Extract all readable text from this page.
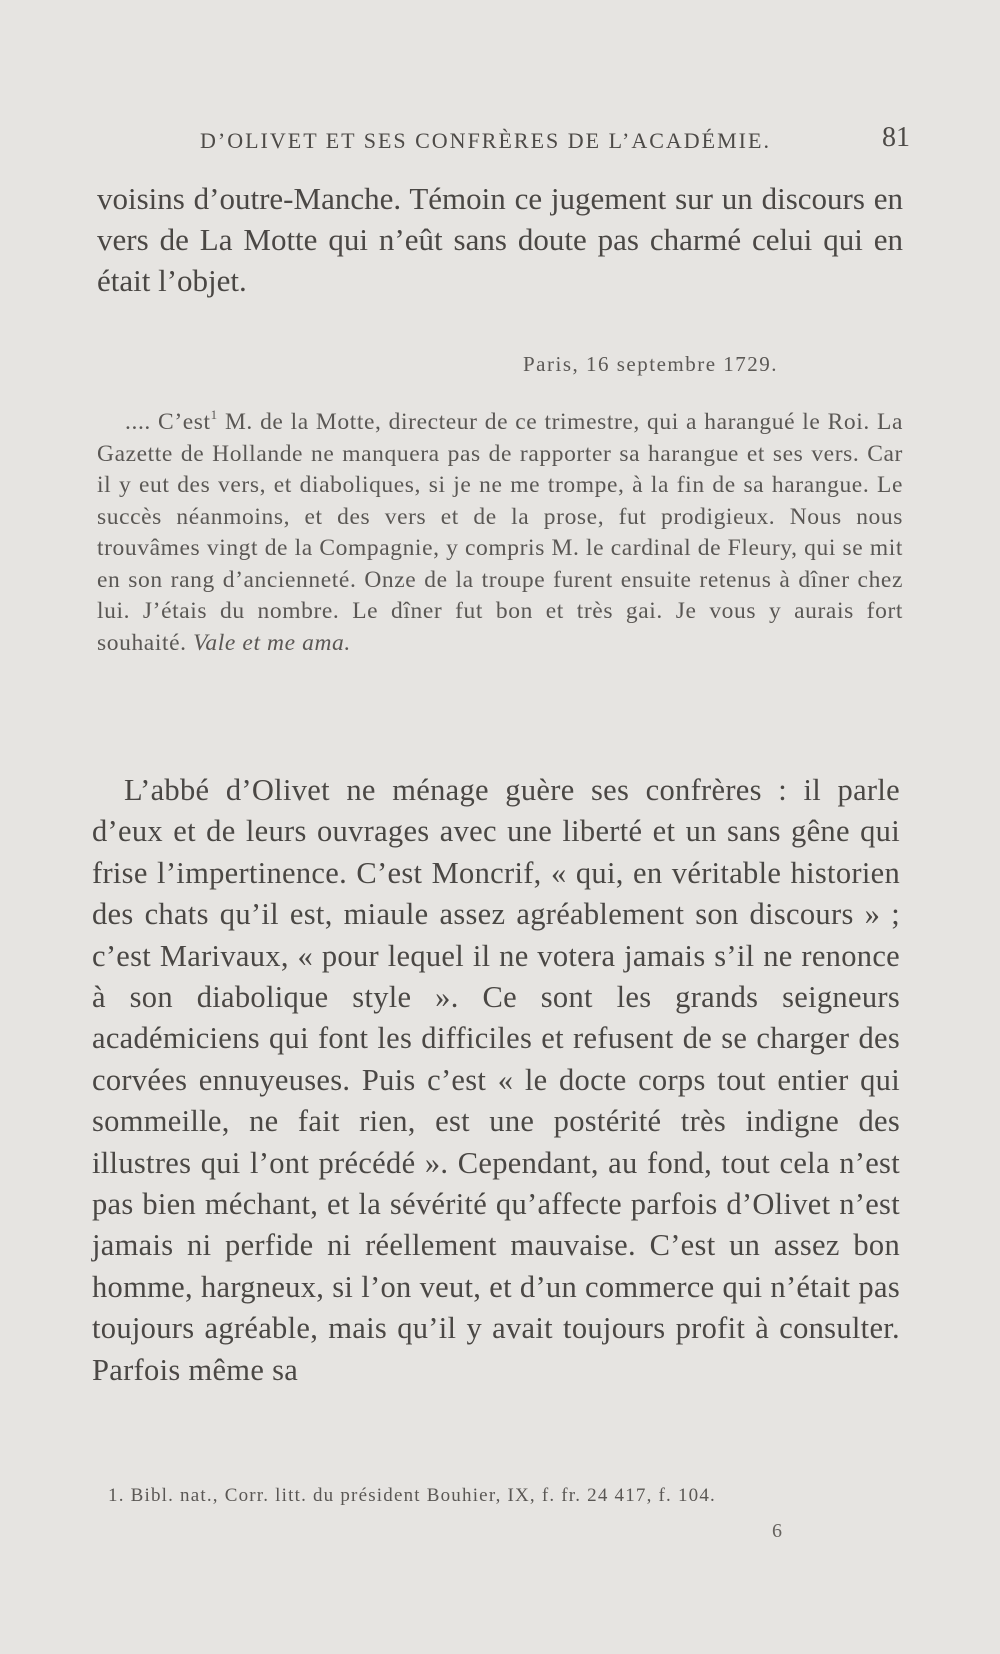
D’OLIVET ET SES CONFRÈRES DE L’ACADÉMIE.	81

voisins d’outre-Manche. Témoin ce jugement sur un discours en vers de La Motte qui n’eût sans doute pas charmé celui qui en était l’objet.

Paris, 16 septembre 1729.

.... C’est$^1$ M. de la Motte, directeur de ce trimestre, qui a harangué le Roi. La Gazette de Hollande ne manquera pas de rapporter sa harangue et ses vers. Car il y eut des vers, et diaboliques, si je ne me trompe, à la fin de sa harangue. Le succès néanmoins, et des vers et de la prose, fut prodigieux. Nous nous trouvâmes vingt de la Compagnie, y compris M. le cardinal de Fleury, qui se mit en son rang d’ancienneté. Onze de la troupe furent ensuite retenus à dîner chez lui. J’étais du nombre. Le dîner fut bon et très gai. Je vous y aurais fort souhaité. Vale et me ama.

L’abbé d’Olivet ne ménage guère ses confrères : il parle d’eux et de leurs ouvrages avec une liberté et un sans gêne qui frise l’impertinence. C’est Moncrif, « qui, en véritable historien des chats qu’il est, miaule assez agréablement son discours » ; c’est Marivaux, « pour lequel il ne votera jamais s’il ne renonce à son diabolique style ». Ce sont les grands seigneurs académiciens qui font les difficiles et refusent de se charger des corvées ennuyeuses. Puis c’est « le docte corps tout entier qui sommeille, ne fait rien, est une postérité très indigne des illustres qui l’ont précédé ». Cependant, au fond, tout cela n’est pas bien méchant, et la sévérité qu’affecte parfois d’Olivet n’est jamais ni perfide ni réellement mauvaise. C’est un assez bon homme, hargneux, si l’on veut, et d’un commerce qui n’était pas toujours agréable, mais qu’il y avait toujours profit à consulter. Parfois même sa

1. Bibl. nat., Corr. litt. du président Bouhier, IX, f. fr. 24 417, f. 104.
6
